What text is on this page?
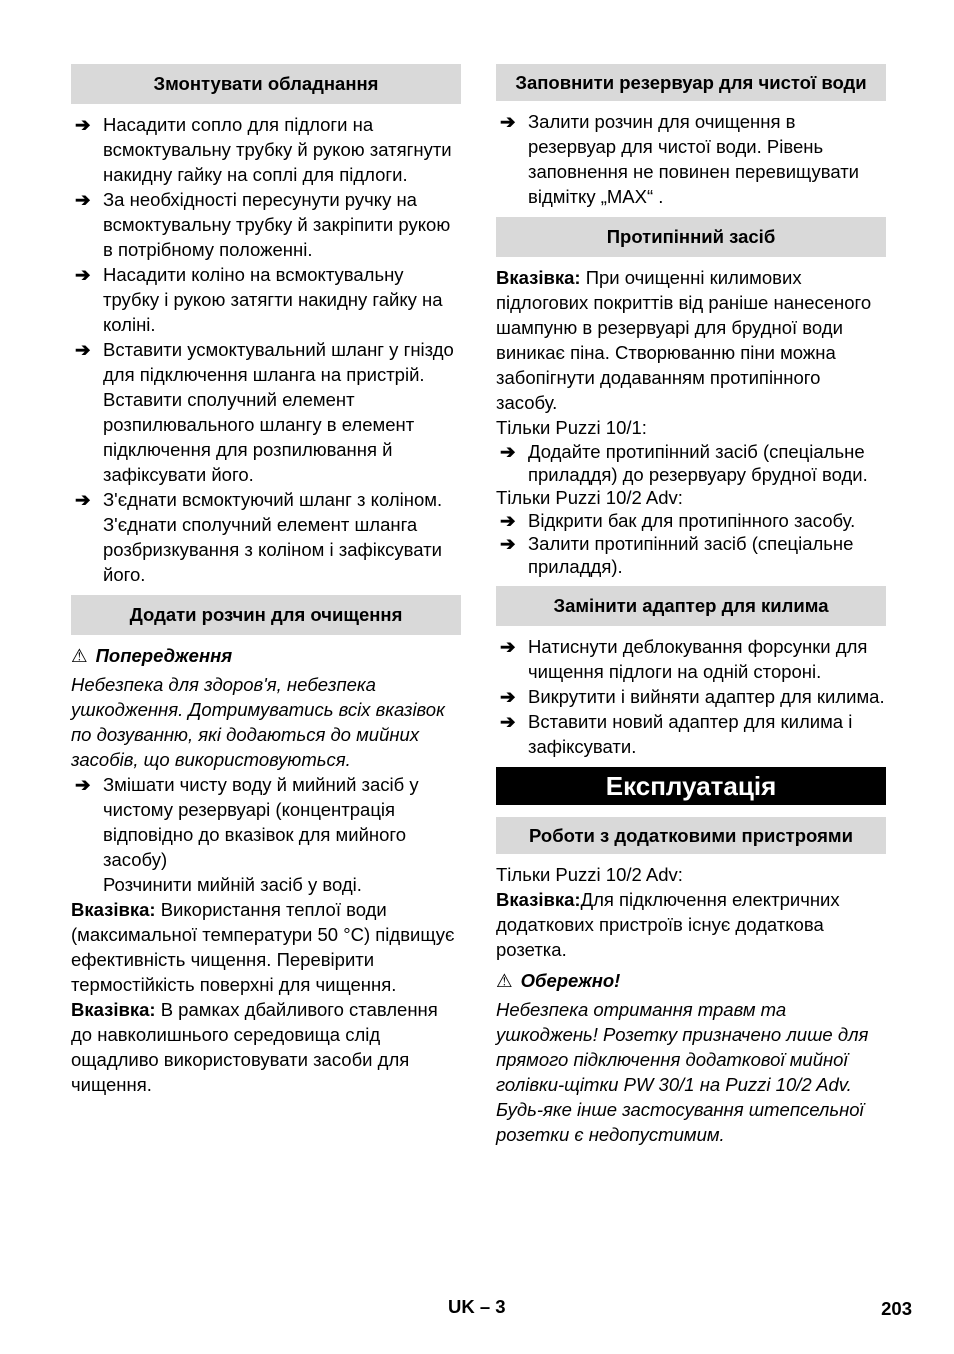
Змонтувати обладнання
➔ Насадити сопло для підлоги на всмоктувальну трубку й рукою затягнути накидну гайку на соплі для підлоги.
➔ За необхідності пересунути ручку на всмоктувальну трубку й закріпити рукою в потрібному положенні.
➔ Насадити коліно на всмоктувальну трубку і рукою затягти накидну гайку на коліні.
➔ Вставити усмоктувальний шланг у гніздо для підключення шланга на пристрій.
Вставити сполучний елемент розпилювального шлангу в елемент підключення для розпилювання й зафіксувати його.
➔ З'єднати всмоктуючий шланг з коліном.
З'єднати сполучний елемент шланга розбризкування з коліном і зафіксувати його.
Додати розчин для очищення
⚠ Попередження
Небезпека для здоров'я, небезпека ушкодження. Дотримуватись всіх вказівок по дозуванню, які додаються до мийних засобів, що використовуються.
➔ Змішати чисту воду й мийний засіб у чистому резервуарі (концентрація відповідно до вказівок для мийного засобу)
Розчинити мийній засіб у воді.
Вказівка: Використання теплої води (максимальної температури 50 °C) підвищує ефективність чищення. Перевірити термостійкість поверхні для чищення.
Вказівка: В рамках дбайливого ставлення до навколишнього середовища слід ощадливо використовувати засоби для чищення.
Заповнити резервуар для чистої води
➔ Залити розчин для очищення в резервуар для чистої води. Рівень заповнення не повинен перевищувати відмітку „MAX“ .
Протипінний засіб
Вказівка: При очищенні килимових підлогових покриттів від раніше нанесеного шампуню в резервуарі для брудної води виникає піна. Створюванню піни можна забопігнути додаванням протипінного засобу.
Тільки Puzzi 10/1:
➔ Додайте протипінний засіб (спеціальне приладдя) до резервуару брудної води.
Тільки Puzzi 10/2 Adv:
➔ Відкрити бак для протипінного засобу.
➔ Залити протипінний засіб (спеціальне приладдя).
Замінити адаптер для килима
➔ Натиснути деблокування форсунки для чищення підлоги на одній стороні.
➔ Викрутити і вийняти адаптер для килима.
➔ Вставити новий адаптер для килима і зафіксувати.
Експлуатація
Роботи з додатковими пристроями
Тільки Puzzi 10/2 Adv:
Вказівка:Для підключення електричних додаткових пристроїв існує додаткова розетка.
⚠ Обережно!
Небезпека отримання травм та ушкоджень! Розетку призначено лише для прямого підключення додаткової мийної голівки-щітки PW 30/1 на Puzzi 10/2 Adv. Будь-яке інше застосування штепсельної розетки є недопустимим.
UK – 3	203
